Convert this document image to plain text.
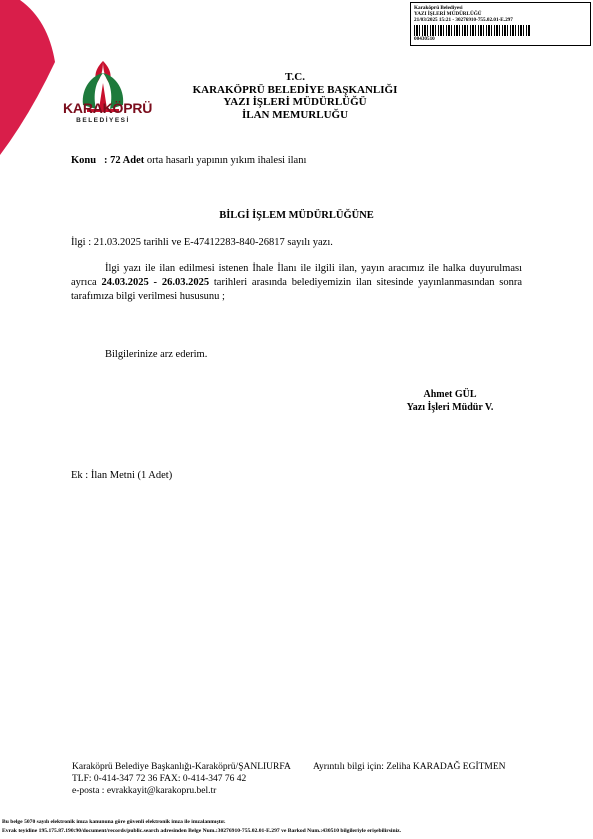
KARAKÖPRÜ
BELEDİYESİ
Karaköprü Belediyesi
YAZI İŞLERİ MÜDÜRLÜĞÜ
21/03/2025 15:21 - 30276910-755.02.01-E.297
00430510
T.C.
KARAKÖPRÜ BELEDİYE BAŞKANLIĞI
YAZI İŞLERİ MÜDÜRLÜĞÜ
İLAN MEMURLUĞU
Konu : 72 Adet orta hasarlı yapının yıkım ihalesi ilanı
BİLGİ İŞLEM MÜDÜRLÜĞÜNE
İlgi : 21.03.2025 tarihli ve E-47412283-840-26817 sayılı yazı.
İlgi yazı ile ilan edilmesi istenen İhale İlanı ile ilgili ilan, yayın aracımız ile halka duyurulması ayrıca 24.03.2025 - 26.03.2025 tarihleri arasında belediyemizin ilan sitesinde yayınlanmasından sonra tarafımıza bilgi verilmesi hususunu ;
Bilgilerinize arz ederim.
Ahmet GÜL
Yazı İşleri Müdür V.
Ek : İlan Metni (1 Adet)
Karaköprü Belediye Başkanlığı-Karaköprü/ŞANLIURFA Ayrıntılı bilgi için: Zeliha KARADAĞ EGİTMEN
TLF: 0-414-347 72 36 FAX: 0-414-347 76 42
e-posta : evrakkayit@karakopru.bel.tr
Bu belge 5070 sayılı elektronik imza kanununa göre güvenli elektronik imza ile imzalanmıştır.
Evrak teyidine 195.175.87.190:90/document/records/public.search adresinden Belge Num.:30276910-755.02.01-E.297 ve Barkod Num.:430510 bilgileriyle erişebilirsiniz.
